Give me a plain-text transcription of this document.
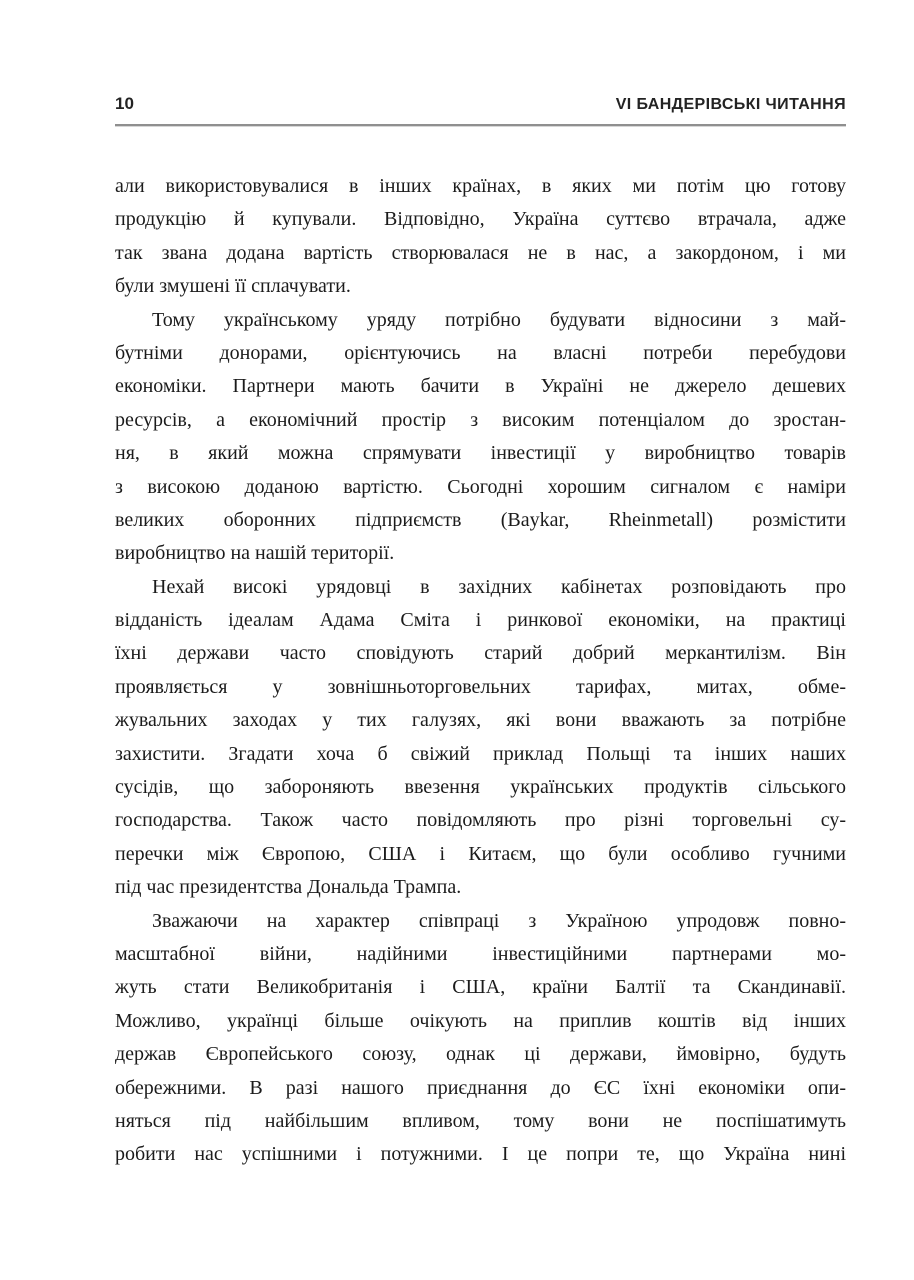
10	VI БАНДЕРІВСЬКІ ЧИТАННЯ
али використовувалися в інших країнах, в яких ми потім цю готову
продукцію й купували. Відповідно, Україна суттєво втрачала, адже
так звана додана вартість створювалася не в нас, а закордоном, і ми
були змушені її сплачувати.
Тому українському уряду потрібно будувати відносини з май-
бутніми донорами, орієнтуючись на власні потреби перебудови
економіки. Партнери мають бачити в Україні не джерело дешевих
ресурсів, а економічний простір з високим потенціалом до зростан-
ня, в який можна спрямувати інвестиції у виробництво товарів
з високою доданою вартістю. Сьогодні хорошим сигналом є наміри
великих оборонних підприємств (Baykar, Rheinmetall) розмістити
виробництво на нашій території.
Нехай високі урядовці в західних кабінетах розповідають про
відданість ідеалам Адама Сміта і ринкової економіки, на практиці
їхні держави часто сповідують старий добрий меркантилізм. Він
проявляється у зовнішньоторговельних тарифах, митах, обме-
жувальних заходах у тих галузях, які вони вважають за потрібне
захистити. Згадати хоча б свіжий приклад Польщі та інших наших
сусідів, що забороняють ввезення українських продуктів сільського
господарства. Також часто повідомляють про різні торговельні су-
перечки між Європою, США і Китаєм, що були особливо гучними
під час президентства Дональда Трампа.
Зважаючи на характер співпраці з Україною упродовж повно-
масштабної війни, надійними інвестиційними партнерами мо-
жуть стати Великобританія і США, країни Балтії та Скандинавії.
Можливо, українці більше очікують на приплив коштів від інших
держав Європейського союзу, однак ці держави, ймовірно, будуть
обережними. В разі нашого приєднання до ЄС їхні економіки опи-
няться під найбільшим впливом, тому вони не поспішатимуть
робити нас успішними і потужними. І це попри те, що Україна нині
